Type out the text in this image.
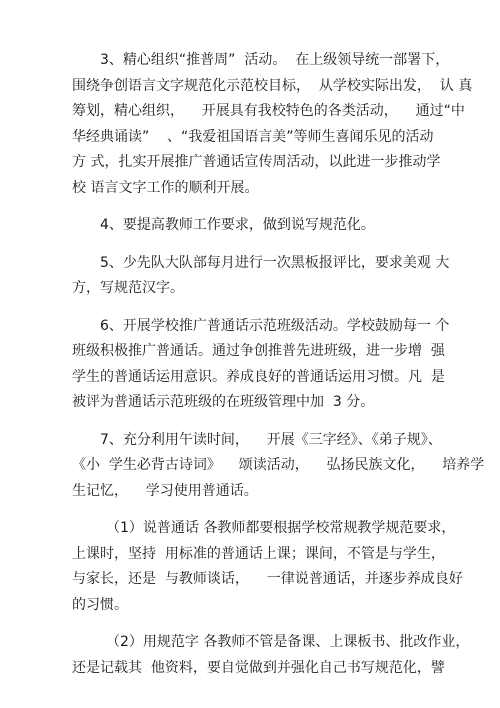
3、精心组织“推普周”  活动。  在上级领导统一部署下，
围绕争创语言文字规范化示范校目标，  从学校实际出发，  认 真
筹划，精心组织，    开展具有我校特色的各类活动，    通过“中
华经典诵读”    、“我爱祖国语言美”等师生喜闻乐见的活动
方 式，扎实开展推广普通话宣传周活动，以此进一步推动学
校 语言文字工作的顺利开展。
4、要提高教师工作要求，做到说写规范化。
5、少先队大队部每月进行一次黑板报评比，要求美观 大
方，写规范汉字。
6、开展学校推广普通话示范班级活动。学校鼓励每一 个
班级积极推广普通话。通过争创推普先进班级，进一步增  强
学生的普通话运用意识。养成良好的普通话运用习惯。凡  是
被评为普通话示范班级的在班级管理中加  3 分。
7、充分利用午读时间，    开展《三字经》、《弟子规》、
《小  学生必背古诗词》    颂读活动，    弘扬民族文化，    培养学
生记忆，    学习使用普通话。
（1）说普通话 各教师都要根据学校常规教学规范要求，
上课时，坚持  用标准的普通话上课；课间，不管是与学生，
与家长，还是  与教师谈话，    一律说普通话，并逐步养成良好
的习惯。
（2）用规范字 各教师不管是备课、上课板书、批改作业，
还是记载其  他资料，要自觉做到并强化自己书写规范化，譬
